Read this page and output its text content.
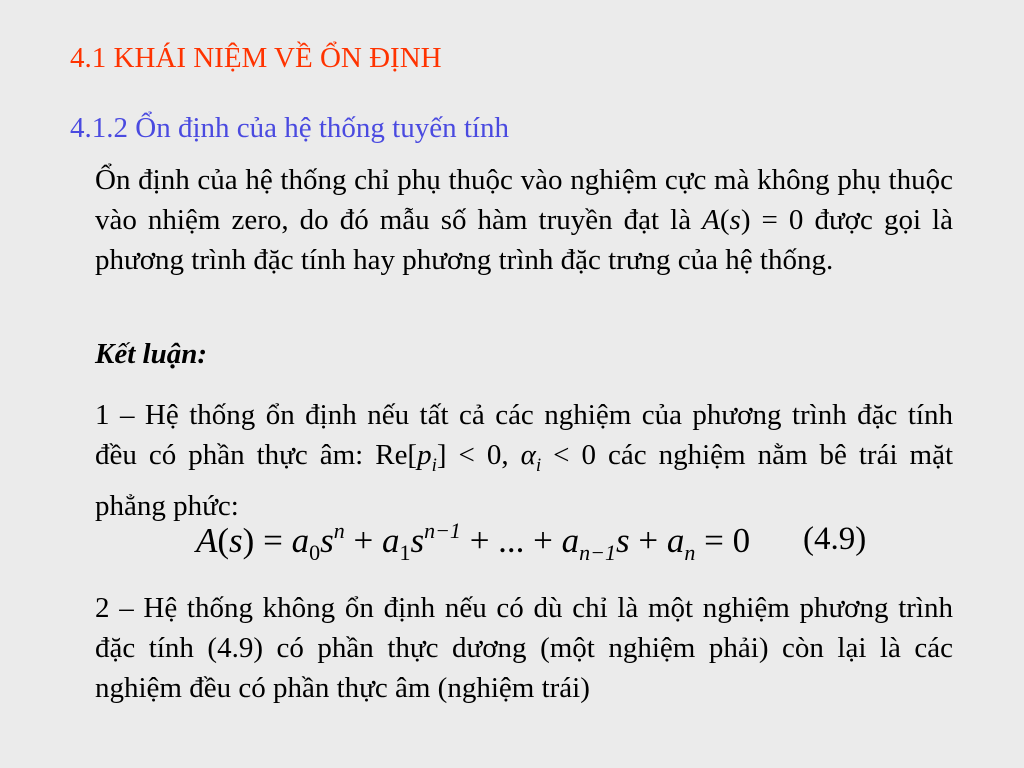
4.1 KHÁI NIỆM VỀ ỔN ĐỊNH
4.1.2 Ổn định của hệ thống tuyến tính

Ổn định của hệ thống chỉ phụ thuộc vào nghiệm cực mà không phụ thuộc vào nhiệm zero, do đó mẫu số hàm truyền đạt là A(s) = 0 được gọi là phương trình đặc tính hay phương trình đặc trưng của hệ thống.

Kết luận:

1 – Hệ thống ổn định nếu tất cả các nghiệm của phương trình đặc tính đều có phần thực âm: $Re[p_i] < 0$, $\alpha_i < 0$ các nghiệm nằm bê trái mặt phẳng phức:

$A(s) = a_0s^n + a_1s^{n-1}$ + ... + $a_{n-1}s + a_n = 0$ (4.9)

2 – Hệ thống không ổn định nếu có dù chỉ là một nghiệm phương trình đặc tính (4.9) có phần thực dương (một nghiệm phải) còn lại là các nghiệm đều có phần thực âm (nghiệm trái)
